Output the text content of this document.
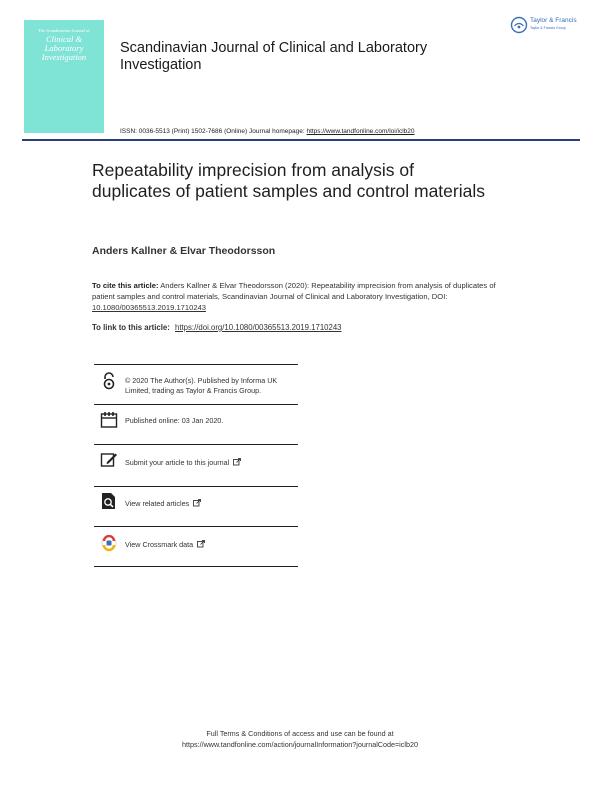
The Scandinavian Journal of
Clinical & Laboratory
Investigation
Scandinavian Journal of Clinical and Laboratory Investigation
Taylor & Francis
Taylor & Francis Group
ISSN: 0036-5513 (Print) 1502-7686 (Online) Journal homepage: https://www.tandfonline.com/loi/iclb20
Repeatability imprecision from analysis of duplicates of patient samples and control materials
Anders Kallner & Elvar Theodorsson
To cite this article: Anders Kallner & Elvar Theodorsson (2020): Repeatability imprecision from analysis of duplicates of patient samples and control materials, Scandinavian Journal of Clinical and Laboratory Investigation, DOI: 10.1080/00365513.2019.1710243
To link to this article: https://doi.org/10.1080/00365513.2019.1710243
© 2020 The Author(s). Published by Informa UK Limited, trading as Taylor & Francis Group.
Published online: 03 Jan 2020.
Submit your article to this journal
View related articles
View Crossmark data
Full Terms & Conditions of access and use can be found at
https://www.tandfonline.com/action/journalInformation?journalCode=iclb20
